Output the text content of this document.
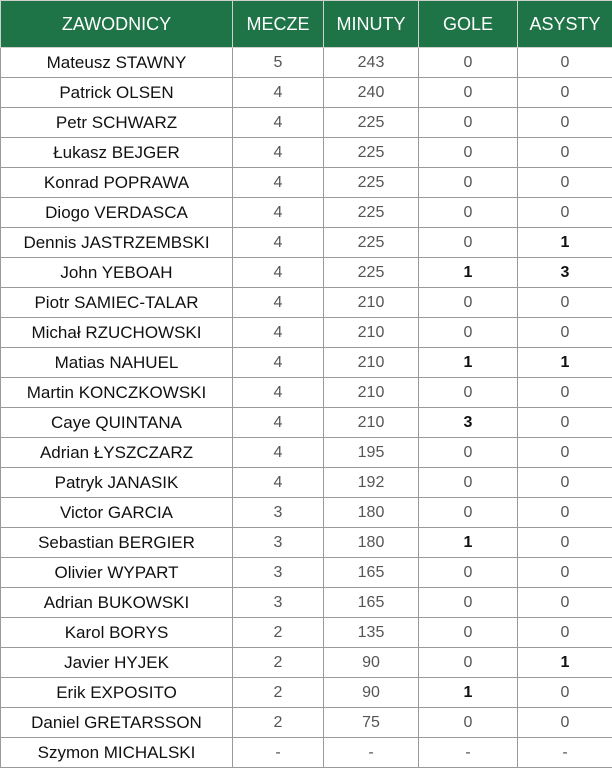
ZAWODNICY	MECZE	MINUTY	GOLE	ASYSTY
Mateusz STAWNY	5	243	0	0
Patrick OLSEN	4	240	0	0
Petr SCHWARZ	4	225	0	0
Łukasz BEJGER	4	225	0	0
Konrad POPRAWA	4	225	0	0
Diogo VERDASCA	4	225	0	0
Dennis JASTRZEMBSKI	4	225	0	1
John YEBOAH	4	225	1	3
Piotr SAMIEC-TALAR	4	210	0	0
Michał RZUCHOWSKI	4	210	0	0
Matias NAHUEL	4	210	1	1
Martin KONCZKOWSKI	4	210	0	0
Caye QUINTANA	4	210	3	0
Adrian ŁYSZCZARZ	4	195	0	0
Patryk JANASIK	4	192	0	0
Victor GARCIA	3	180	0	0
Sebastian BERGIER	3	180	1	0
Olivier WYPART	3	165	0	0
Adrian BUKOWSKI	3	165	0	0
Karol BORYS	2	135	0	0
Javier HYJEK	2	90	0	1
Erik EXPOSITO	2	90	1	0
Daniel GRETARSSON	2	75	0	0
Szymon MICHALSKI	-	-	-	-
